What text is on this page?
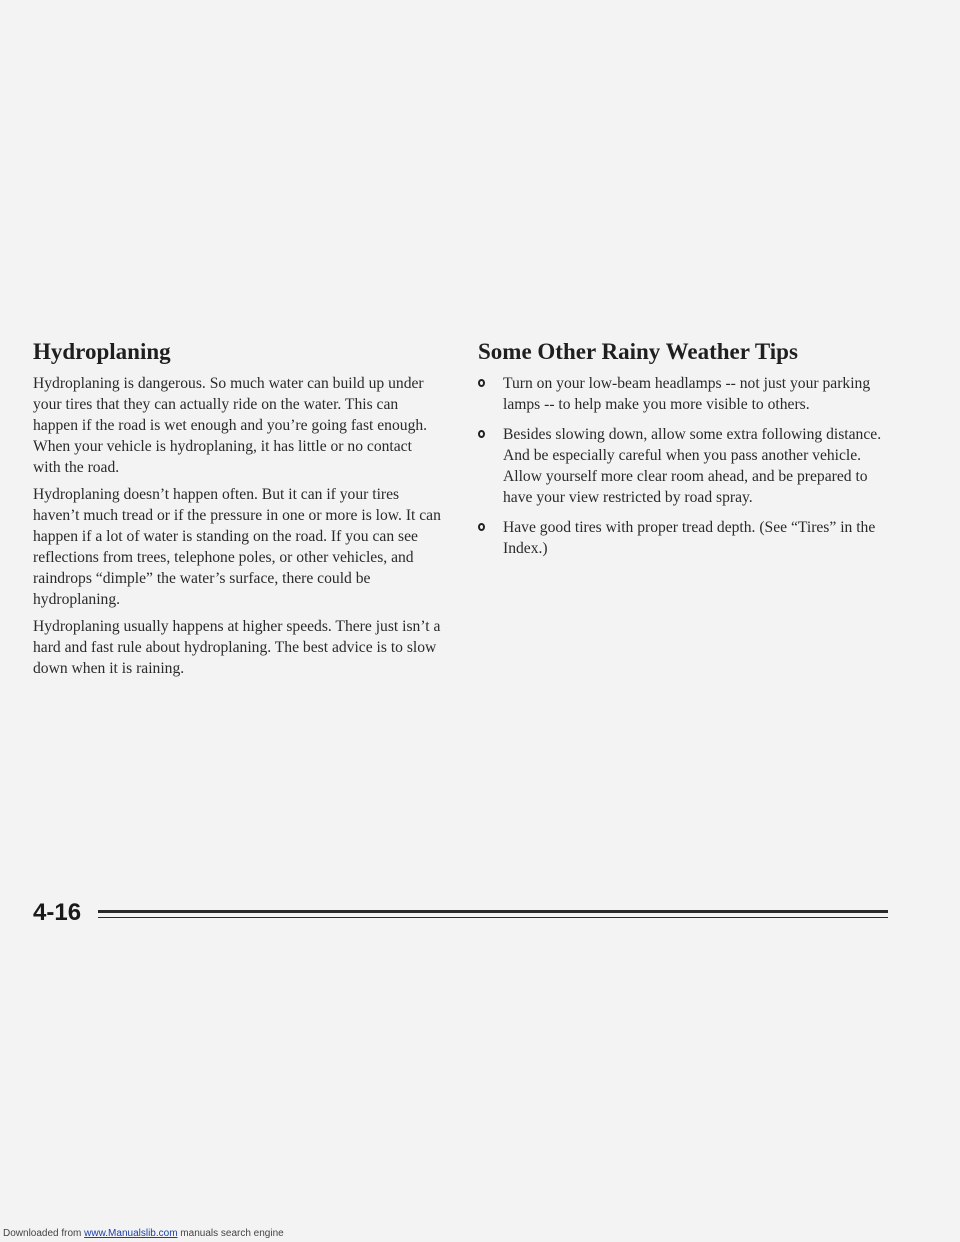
Hydroplaning

Hydroplaning is dangerous. So much water can build up under your tires that they can actually ride on the water. This can happen if the road is wet enough and you’re going fast enough. When your vehicle is hydroplaning, it has little or no contact with the road.

Hydroplaning doesn’t happen often. But it can if your tires haven’t much tread or if the pressure in one or more is low. It can happen if a lot of water is standing on the road. If you can see reflections from trees, telephone poles, or other vehicles, and raindrops “dimple” the water’s surface, there could be hydroplaning.

Hydroplaning usually happens at higher speeds. There just isn’t a hard and fast rule about hydroplaning. The best advice is to slow down when it is raining.

Some Other Rainy Weather Tips
Turn on your low-beam headlamps -- not just your parking lamps -- to help make you more visible to others.
Besides slowing down, allow some extra following distance. And be especially careful when you pass another vehicle. Allow yourself more clear room ahead, and be prepared to have your view restricted by road spray.
Have good tires with proper tread depth. (See “Tires” in the Index.)
4-16
Downloaded from www.Manualslib.com manuals search engine
